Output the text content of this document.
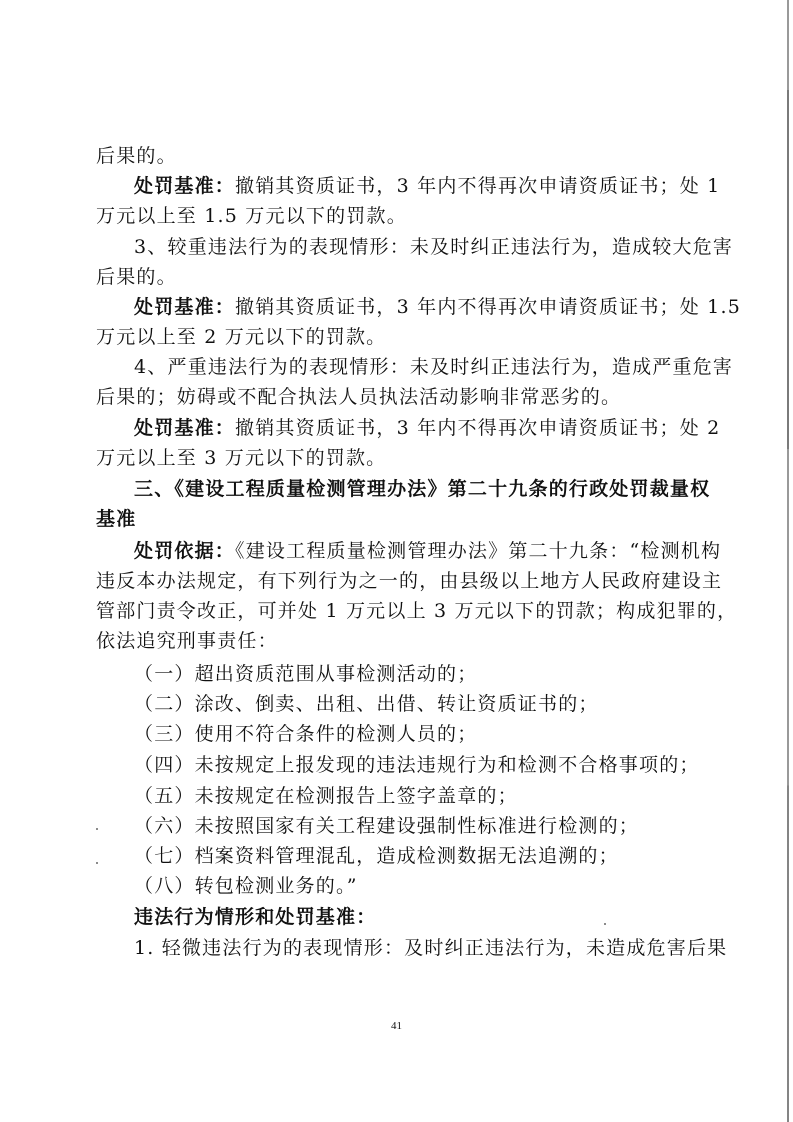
后果的。
处罚基准：撤销其资质证书，3 年内不得再次申请资质证书；处 1
万元以上至 1.5 万元以下的罚款。
3、较重违法行为的表现情形：未及时纠正违法行为，造成较大危害
后果的。
处罚基准：撤销其资质证书，3 年内不得再次申请资质证书；处 1.5
万元以上至 2 万元以下的罚款。
4、严重违法行为的表现情形：未及时纠正违法行为，造成严重危害
后果的；妨碍或不配合执法人员执法活动影响非常恶劣的。
处罚基准：撤销其资质证书，3 年内不得再次申请资质证书；处 2
万元以上至 3 万元以下的罚款。
三、《建设工程质量检测管理办法》第二十九条的行政处罚裁量权
基准
处罚依据：《建设工程质量检测管理办法》第二十九条：“检测机构
违反本办法规定，有下列行为之一的，由县级以上地方人民政府建设主
管部门责令改正，可并处 1 万元以上 3 万元以下的罚款；构成犯罪的，
依法追究刑事责任：
（一）超出资质范围从事检测活动的；
（二）涂改、倒卖、出租、出借、转让资质证书的；
（三）使用不符合条件的检测人员的；
（四）未按规定上报发现的违法违规行为和检测不合格事项的；
（五）未按规定在检测报告上签字盖章的；
（六）未按照国家有关工程建设强制性标准进行检测的；
（七）档案资料管理混乱，造成检测数据无法追溯的；
（八）转包检测业务的。”
违法行为情形和处罚基准：
1. 轻微违法行为的表现情形：及时纠正违法行为，未造成危害后果
41
